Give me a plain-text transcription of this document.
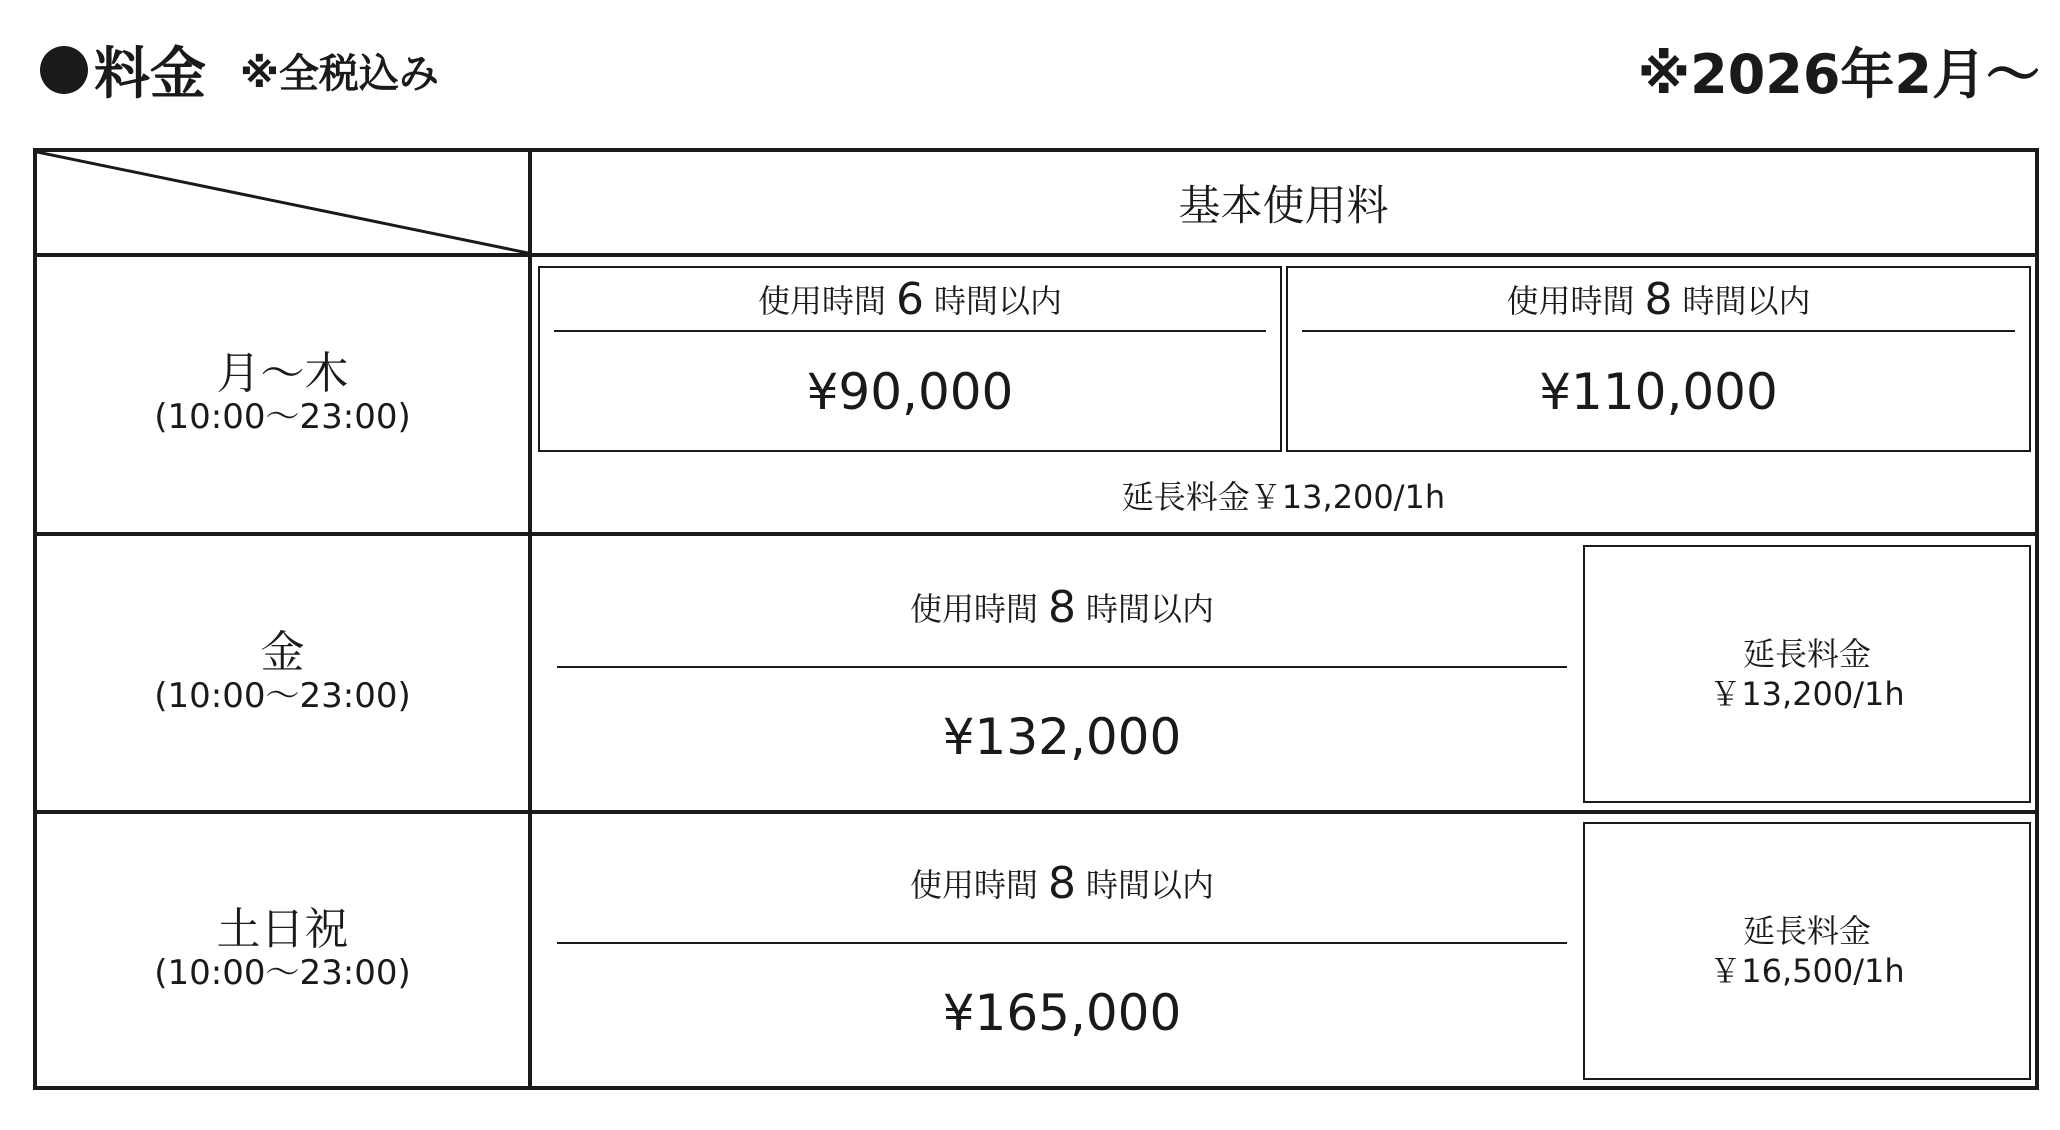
料金 ※全税込み	※2026年2月～
基本使用料
月～木
(10:00～23:00)
使用時間 6 時間以内
¥90,000
使用時間 8 時間以内
¥110,000
延長料金￥13,200/1h
金
(10:00～23:00)
使用時間 8 時間以内
¥132,000
延長料金
￥13,200/1h
土日祝
(10:00～23:00)
使用時間 8 時間以内
¥165,000
延長料金
￥16,500/1h
